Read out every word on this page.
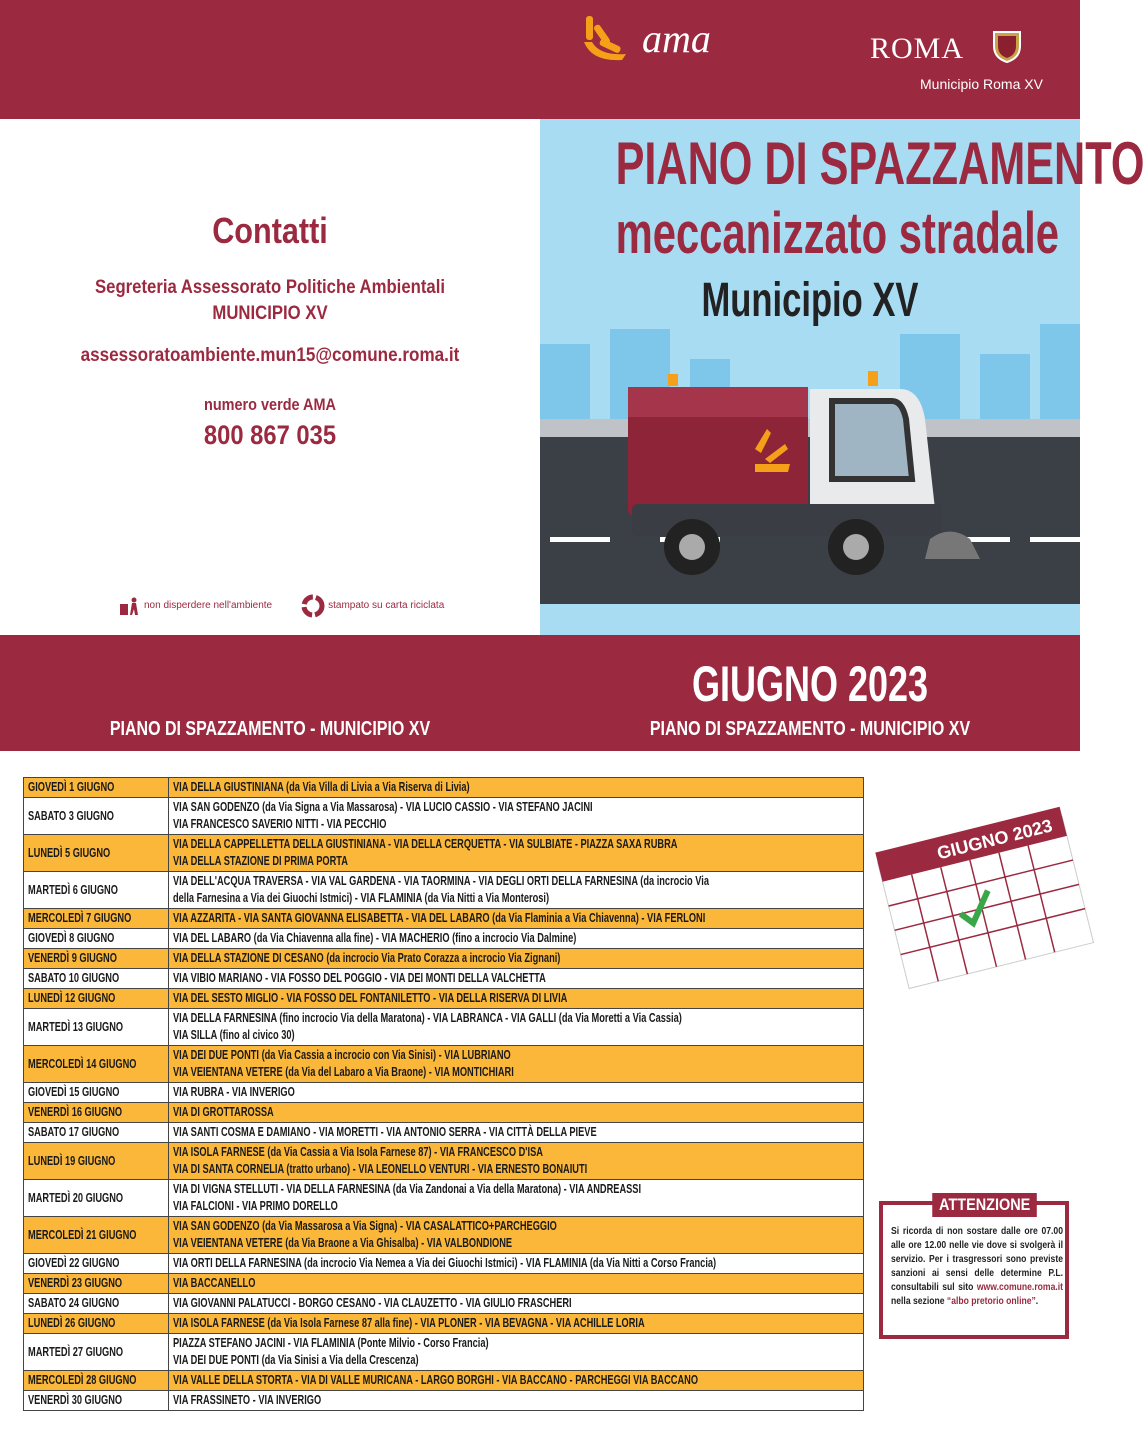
ama	ROMA
Municipio Roma XV
Contatti
Segreteria Assessorato Politiche Ambientali
MUNICIPIO XV
assessoratoambiente.mun15@comune.roma.it
numero verde AMA
800 867 035
non disperdere nell'ambiente	stampato su carta riciclata
PIANO DI SPAZZAMENTO
meccanizzato stradale
Municipio XV
PIANO DI SPAZZAMENTO - MUNICIPIO XV
GIUGNO 2023
PIANO DI SPAZZAMENTO - MUNICIPIO XV
GIOVEDÌ 1 GIUGNO	VIA DELLA GIUSTINIANA (da Via Villa di Livia a Via Riserva di Livia)
SABATO 3 GIUGNO	VIA SAN GODENZO (da Via Signa a Via Massarosa) - VIA LUCIO CASSIO - VIA STEFANO JACINI
VIA FRANCESCO SAVERIO NITTI - VIA PECCHIO
LUNEDÌ 5 GIUGNO	VIA DELLA CAPPELLETTA DELLA GIUSTINIANA - VIA DELLA CERQUETTA - VIA SULBIATE - PIAZZA SAXA RUBRA
VIA DELLA STAZIONE DI PRIMA PORTA
MARTEDÌ 6 GIUGNO	VIA DELL'ACQUA TRAVERSA - VIA VAL GARDENA - VIA TAORMINA - VIA DEGLI ORTI DELLA FARNESINA (da incrocio Via
della Farnesina a Via dei Giuochi Istmici) - VIA FLAMINIA (da Via Nitti a Via Monterosi)
MERCOLEDÌ 7 GIUGNO	VIA AZZARITA - VIA SANTA GIOVANNA ELISABETTA - VIA DEL LABARO (da Via Flaminia a Via Chiavenna) - VIA FERLONI
GIOVEDÌ 8 GIUGNO	VIA DEL LABARO (da Via Chiavenna alla fine) - VIA MACHERIO (fino a incrocio Via Dalmine)
VENERDÌ 9 GIUGNO	VIA DELLA STAZIONE DI CESANO (da incrocio Via Prato Corazza a incrocio Via Zignani)
SABATO 10 GIUGNO	VIA VIBIO MARIANO - VIA FOSSO DEL POGGIO - VIA DEI MONTI DELLA VALCHETTA
LUNEDÌ 12 GIUGNO	VIA DEL SESTO MIGLIO - VIA FOSSO DEL FONTANILETTO - VIA DELLA RISERVA DI LIVIA
MARTEDÌ 13 GIUGNO	VIA DELLA FARNESINA (fino incrocio Via della Maratona) - VIA LABRANCA - VIA GALLI (da Via Moretti a Via Cassia)
VIA SILLA (fino al civico 30)
MERCOLEDÌ 14 GIUGNO	VIA DEI DUE PONTI (da Via Cassia a incrocio con Via Sinisi) - VIA LUBRIANO
VIA VEIENTANA VETERE (da Via del Labaro a Via Braone) - VIA MONTICHIARI
GIOVEDÌ 15 GIUGNO	VIA RUBRA - VIA INVERIGO
VENERDÌ 16 GIUGNO	VIA DI GROTTAROSSA
SABATO 17 GIUGNO	VIA SANTI COSMA E DAMIANO - VIA MORETTI - VIA ANTONIO SERRA - VIA CITTÀ DELLA PIEVE
LUNEDÌ 19 GIUGNO	VIA ISOLA FARNESE (da Via Cassia a Via Isola Farnese 87) - VIA FRANCESCO D'ISA
VIA DI SANTA CORNELIA (tratto urbano) - VIA LEONELLO VENTURI - VIA ERNESTO BONAIUTI
MARTEDÌ 20 GIUGNO	VIA DI VIGNA STELLUTI - VIA DELLA FARNESINA (da Via Zandonai a Via della Maratona) - VIA ANDREASSI
VIA FALCIONI - VIA PRIMO DORELLO
MERCOLEDÌ 21 GIUGNO	VIA SAN GODENZO (da Via Massarosa a Via Signa) - VIA CASALATTICO+PARCHEGGIO
VIA VEIENTANA VETERE (da Via Braone a Via Ghisalba) - VIA VALBONDIONE
GIOVEDÌ 22 GIUGNO	VIA ORTI DELLA FARNESINA (da incrocio Via Nemea a Via dei Giuochi Istmici) - VIA FLAMINIA (da Via Nitti a Corso Francia)
VENERDÌ 23 GIUGNO	VIA BACCANELLO
SABATO 24 GIUGNO	VIA GIOVANNI PALATUCCI - BORGO CESANO - VIA CLAUZETTO - VIA GIULIO FRASCHERI
LUNEDÌ 26 GIUGNO	VIA ISOLA FARNESE (da Via Isola Farnese 87 alla fine) - VIA PLONER - VIA BEVAGNA - VIA ACHILLE LORIA
MARTEDÌ 27 GIUGNO	PIAZZA STEFANO JACINI - VIA FLAMINIA (Ponte Milvio - Corso Francia)
VIA DEI DUE PONTI (da Via Sinisi a Via della Crescenza)
MERCOLEDÌ 28 GIUGNO	VIA VALLE DELLA STORTA - VIA DI VALLE MURICANA - LARGO BORGHI - VIA BACCANO - PARCHEGGI VIA BACCANO
VENERDÌ 30 GIUGNO	VIA FRASSINETO - VIA INVERIGO
GIUGNO 2023
ATTENZIONE
Si ricorda di non sostare dalle ore 07.00 alle ore 12.00 nelle vie dove si svolgerà il servizio. Per i trasgressori sono previste sanzioni ai sensi delle determine P.L. consultabili sul sito www.comune.roma.it nella sezione “albo pretorio online”.
